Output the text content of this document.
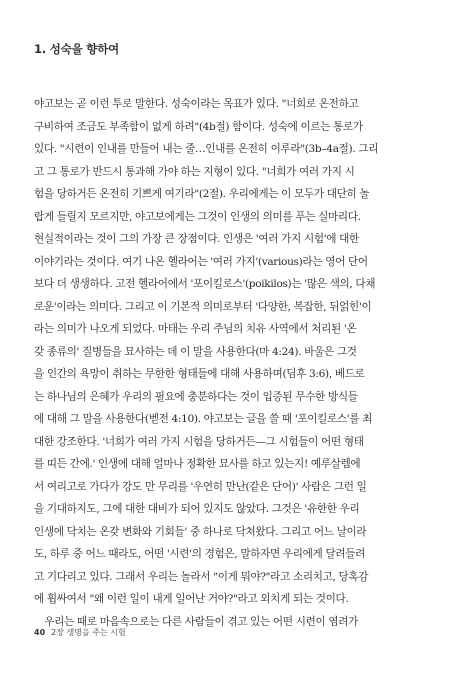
1. 성숙을 향하여
야고보는 곧 이런 투로 말한다. 성숙이라는 목표가 있다. "너희로 온전하고
구비하여 조금도 부족함이 없게 하려"(4b절) 함이다. 성숙에 이르는 통로가
있다. "시련이 인내를 만들어 내는 줄…인내를 온전히 이루라"(3b–4a절). 그리
고 그 통로가 반드시 통과해 가야 하는 지형이 있다. "너희가 여러 가지 시
험을 당하거든 온전히 기쁘게 여기라"(2절). 우리에게는 이 모두가 대단히 놀
랍게 들릴지 모르지만, 야고보에게는 그것이 인생의 의미를 푸는 실마리다.
현실적이라는 것이 그의 가장 큰 장점이다. 인생은 '여러 가지 시험'에 대한
이야기라는 것이다. 여기 나온 헬라어는 '여러 가지'(various)라는 영어 단어
보다 더 생생하다. 고전 헬라어에서 '포이킬로스'(poikilos)는 '많은 색의, 다채
로운'이라는 의미다. 그리고 이 기본적 의미로부터 '다양한, 복잡한, 뒤얽힌'이
라는 의미가 나오게 되었다. 마태는 우리 주님의 치유 사역에서 처리된 '온
갖 종류의' 질병들을 묘사하는 데 이 말을 사용한다(마 4:24). 바울은 그것
을 인간의 욕망이 취하는 무한한 형태들에 대해 사용하며(딤후 3:6), 베드로
는 하나님의 은혜가 우리의 필요에 충분하다는 것이 입증된 무수한 방식들
에 대해 그 말을 사용한다(벧전 4:10). 야고보는 글을 쓸 때 '포이킬로스'를 최
대한 강조한다. '너희가 여러 가지 시험을 당하거든—그 시험들이 어떤 형태
를 띠든 간에.' 인생에 대해 얼마나 정확한 묘사를 하고 있는지! 예루살렘에
서 여리고로 가다가 강도 만 무리를 '우연히 만난(같은 단어)' 사람은 그런 일
을 기대하지도, 그에 대한 대비가 되어 있지도 않았다. 그것은 '유한한 우리
인생에 닥치는 온갖 변화와 기회들' 중 하나로 닥쳐왔다. 그리고 어느 날이라
도, 하루 중 어느 때라도, 어떤 '시련'의 경험은, 말하자면 우리에게 달려들려
고 기다리고 있다. 그래서 우리는 놀라서 "이게 뭐야?"라고 소리치고, 당혹감
에 휩싸여서 "왜 이런 일이 내게 일어난 거야?"라고 외치게 되는 것이다.
　우리는 때로 마음속으로는 다른 사람들이 겪고 있는 어떤 시련이 염려가
40 2장 생명을 주는 시험
